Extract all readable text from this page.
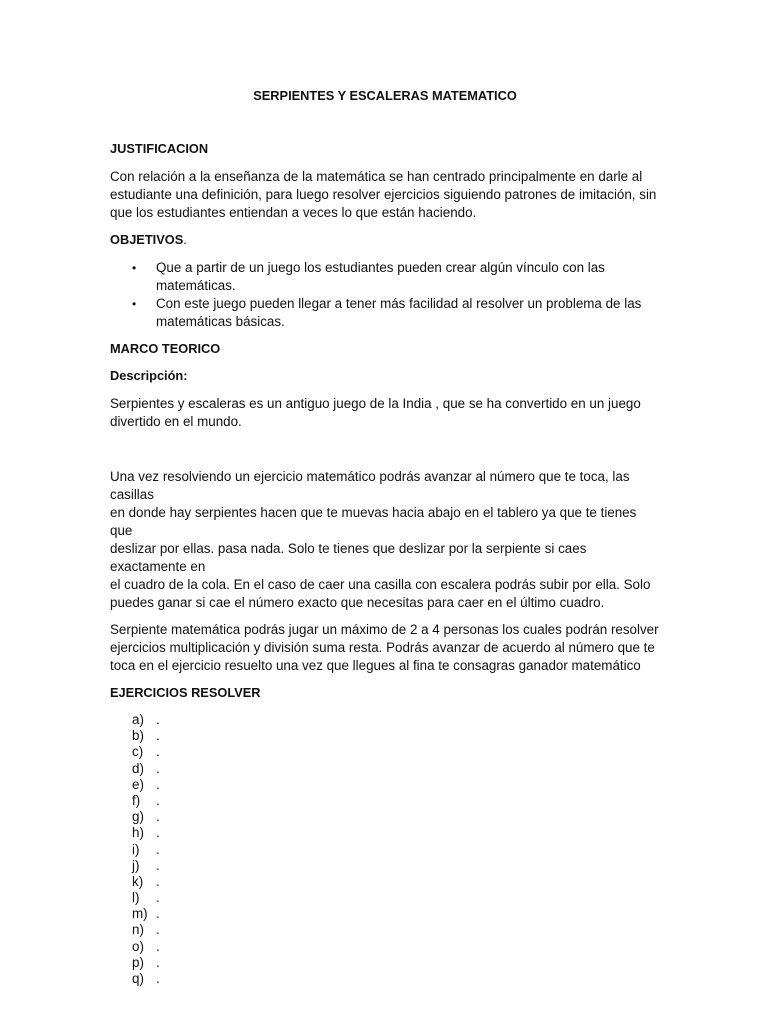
SERPIENTES Y ESCALERAS MATEMATICO
JUSTIFICACION

Con relación a la enseñanza de la matemática se han centrado principalmente en darle al
estudiante una definición, para luego resolver ejercicios siguiendo patrones de imitación, sin
que los estudiantes entiendan a veces lo que están haciendo.

OBJETIVOS.
• Que a partir de un juego los estudiantes pueden crear algún vínculo con las
matemáticas.
• Con este juego pueden llegar a tener más facilidad al resolver un problema de las
matemáticas básicas.
MARCO TEORICO
Descripción:

Serpientes y escaleras es un antiguo juego de la India , que se ha convertido en un juego
divertido en el mundo.

Una vez resolviendo un ejercicio matemático podrás avanzar al número que te toca, las casillas
en donde hay serpientes hacen que te muevas hacia abajo en el tablero ya que te tienes que
deslizar por ellas. pasa nada. Solo te tienes que deslizar por la serpiente si caes exactamente en
el cuadro de la cola. En el caso de caer una casilla con escalera podrás subir por ella. Solo
puedes ganar si cae el número exacto que necesitas para caer en el último cuadro.

Serpiente matemática podrás jugar un máximo de 2 a 4 personas los cuales podrán resolver
ejercicios multiplicación y división suma resta. Podrás avanzar de acuerdo al número que te
toca en el ejercicio resuelto una vez que llegues al fina te consagras ganador matemático

EJERCICIOS RESOLVER
a) .
b) .
c) .
d) .
e) .
f) .
g) .
h) .
i) .
j) .
k) .
l) .
m) .
n) .
o) .
p) .
q) .
